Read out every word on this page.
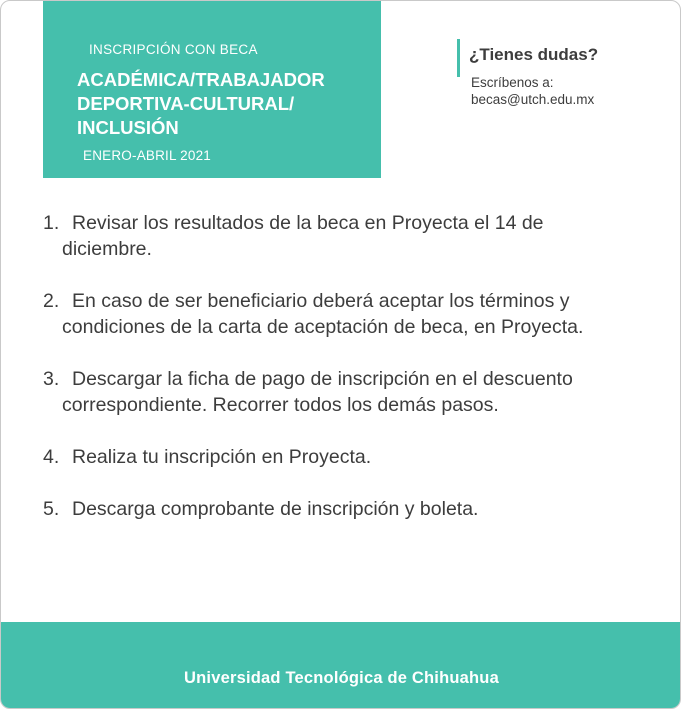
INSCRIPCIÓN CON BECA
ACADÉMICA/TRABAJADOR
DEPORTIVA-CULTURAL/
INCLUSIÓN
ENERO-ABRIL 2021
¿Tienes dudas?
Escríbenos a:
becas@utch.edu.mx
1. Revisar los resultados de la beca en Proyecta el 14 de diciembre.
2. En caso de ser beneficiario deberá aceptar los términos y condiciones de la carta de aceptación de beca, en Proyecta.
3. Descargar la ficha de pago de inscripción en el descuento correspondiente. Recorrer todos los demás pasos.
4. Realiza tu inscripción en Proyecta.
5. Descarga comprobante de inscripción y boleta.
Universidad Tecnológica de Chihuahua
